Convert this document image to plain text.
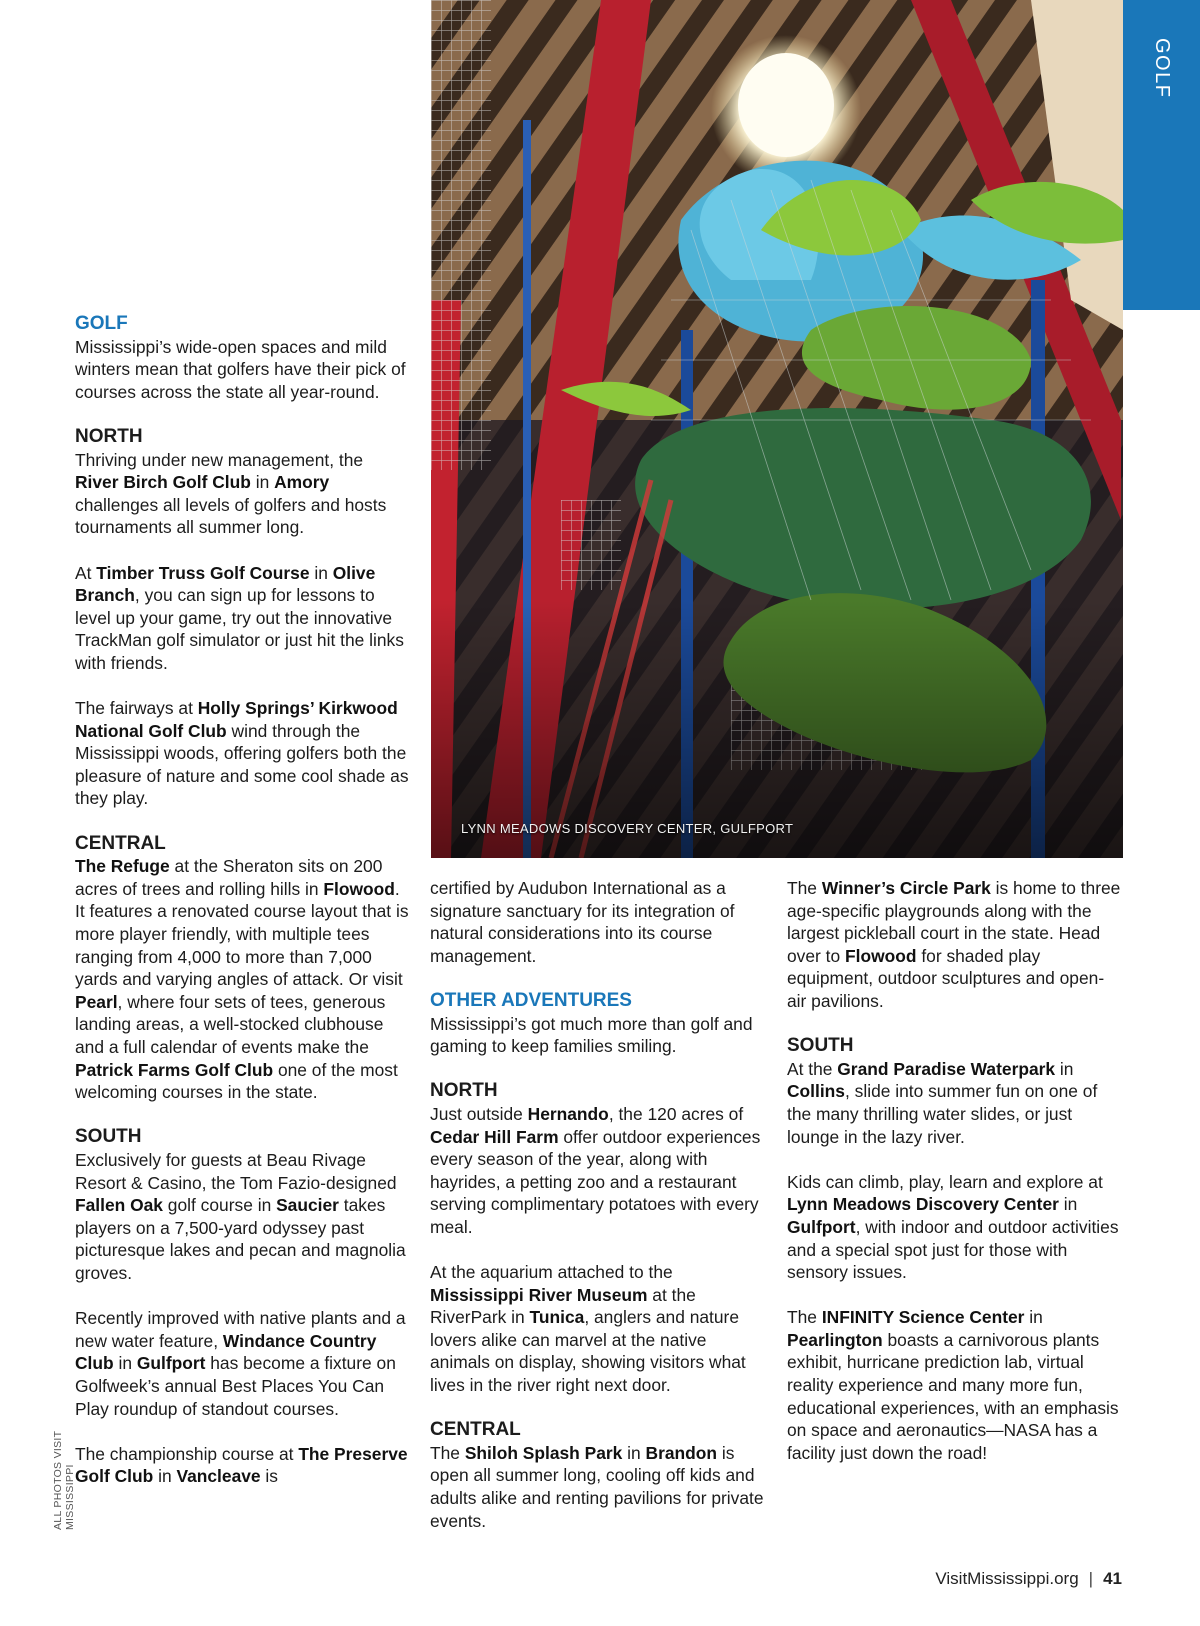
GOLF
LYNN MEADOWS DISCOVERY CENTER, GULFPORT
GOLF

Mississippi’s wide-open spaces and mild winters mean that golfers have their pick of courses across the state all year-round.

NORTH

Thriving under new management, the River Birch Golf Club in Amory challenges all levels of golfers and hosts tournaments all summer long.

At Timber Truss Golf Course in Olive Branch, you can sign up for lessons to level up your game, try out the innovative TrackMan golf simulator or just hit the links with friends.

The fairways at Holly Springs’ Kirkwood National Golf Club wind through the Mississippi woods, offering golfers both the pleasure of nature and some cool shade as they play.

CENTRAL

The Refuge at the Sheraton sits on 200 acres of trees and rolling hills in Flowood. It features a renovated course layout that is more player friendly, with multiple tees ranging from 4,000 to more than 7,000 yards and varying angles of attack. Or visit Pearl, where four sets of tees, generous landing areas, a well-stocked clubhouse and a full calendar of events make the Patrick Farms Golf Club one of the most welcoming courses in the state.

SOUTH

Exclusively for guests at Beau Rivage Resort & Casino, the Tom Fazio-designed Fallen Oak golf course in Saucier takes players on a 7,500-yard odyssey past picturesque lakes and pecan and magnolia groves.

Recently improved with native plants and a new water feature, Windance Country Club in Gulfport has become a fixture on Golfweek’s annual Best Places You Can Play roundup of standout courses.

The championship course at The Preserve Golf Club in Vancleave is

certified by Audubon International as a signature sanctuary for its integration of natural considerations into its course management.

OTHER ADVENTURES

Mississippi’s got much more than golf and gaming to keep families smiling.

NORTH

Just outside Hernando, the 120 acres of Cedar Hill Farm offer outdoor experiences every season of the year, along with hayrides, a petting zoo and a restaurant serving complimentary potatoes with every meal.

At the aquarium attached to the Mississippi River Museum at the RiverPark in Tunica, anglers and nature lovers alike can marvel at the native animals on display, showing visitors what lives in the river right next door.

CENTRAL

The Shiloh Splash Park in Brandon is open all summer long, cooling off kids and adults alike and renting pavilions for private events.

The Winner’s Circle Park is home to three age-specific playgrounds along with the largest pickleball court in the state. Head over to Flowood for shaded play equipment, outdoor sculptures and open-air pavilions.

SOUTH

At the Grand Paradise Waterpark in Collins, slide into summer fun on one of the many thrilling water slides, or just lounge in the lazy river.

Kids can climb, play, learn and explore at Lynn Meadows Discovery Center in Gulfport, with indoor and outdoor activities and a special spot just for those with sensory issues.

The INFINITY Science Center in Pearlington boasts a carnivorous plants exhibit, hurricane prediction lab, virtual reality experience and many more fun, educational experiences, with an emphasis on space and aeronautics—NASA has a facility just down the road!

ALL PHOTOS VISIT MISSISSIPPI
VisitMississippi.org | 41
